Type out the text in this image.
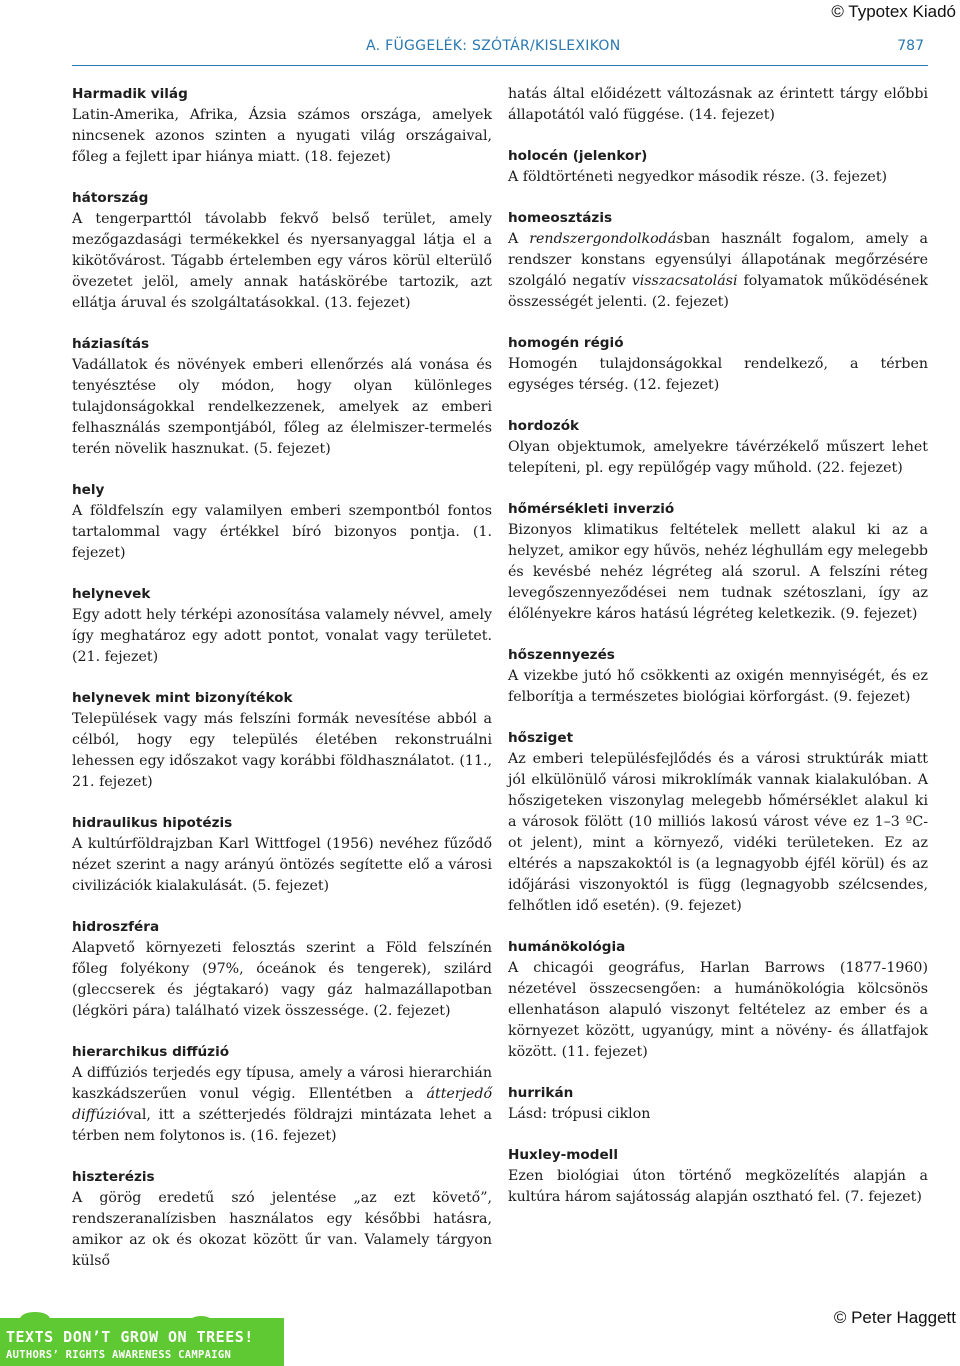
© Typotex Kiadó
A. FÜGGELÉK: SZÓTÁR/KISLEXIKON	787
Harmadik világ
Latin-Amerika, Afrika, Ázsia számos országa, amelyek nincsenek azonos szinten a nyugati világ országaival, főleg a fejlett ipar hiánya miatt. (18. fejezet)
hátország
A tengerparttól távolabb fekvő belső terület, amely mezőgazdasági termékekkel és nyersanyaggal látja el a kikötővárost. Tágabb értelemben egy város körül elterülő övezetet jelöl, amely annak hatáskörébe tartozik, azt ellátja áruval és szolgáltatásokkal. (13. fejezet)
háziasítás
Vadállatok és növények emberi ellenőrzés alá vonása és tenyésztése oly módon, hogy olyan különleges tulajdonságokkal rendelkezzenek, amelyek az emberi felhasználás szempontjából, főleg az élelmiszer-termelés terén növelik hasznukat. (5. fejezet)
hely
A földfelszín egy valamilyen emberi szempontból fontos tartalommal vagy értékkel bíró bizonyos pontja. (1. fejezet)
helynevek
Egy adott hely térképi azonosítása valamely névvel, amely így meghatároz egy adott pontot, vonalat vagy területet. (21. fejezet)
helynevek mint bizonyítékok
Települések vagy más felszíni formák nevesítése abból a célból, hogy egy település életében rekonstruálni lehessen egy időszakot vagy korábbi földhasználatot. (11., 21. fejezet)
hidraulikus hipotézis
A kultúrföldrajzban Karl Wittfogel (1956) nevéhez fűződő nézet szerint a nagy arányú öntözés segítette elő a városi civilizációk kialakulását. (5. fejezet)
hidroszféra
Alapvető környezeti felosztás szerint a Föld felszínén főleg folyékony (97%, óceánok és tengerek), szilárd (gleccserek és jégtakaró) vagy gáz halmazállapotban (légköri pára) található vizek összessége. (2. fejezet)
hierarchikus diffúzió
A diffúziós terjedés egy típusa, amely a városi hierarchián kaszkádszerűen vonul végig. Ellentétben a átterjedő diffúzióval, itt a szétterjedés földrajzi mintázata lehet a térben nem folytonos is. (16. fejezet)
hiszterézis
A görög eredetű szó jelentése „az ezt követő”, rendszeranalízisben használatos egy későbbi hatásra, amikor az ok és okozat között űr van. Valamely tárgyon külső
hatás által előidézett változásnak az érintett tárgy előbbi állapotától való függése. (14. fejezet)
holocén (jelenkor)
A földtörténeti negyedkor második része. (3. fejezet)
homeosztázis
A rendszergondolkodásban használt fogalom, amely a rendszer konstans egyensúlyi állapotának megőrzésére szolgáló negatív visszacsatolási folyamatok működésének összességét jelenti. (2. fejezet)
homogén régió
Homogén tulajdonságokkal rendelkező, a térben egységes térség. (12. fejezet)
hordozók
Olyan objektumok, amelyekre távérzékelő műszert lehet telepíteni, pl. egy repülőgép vagy műhold. (22. fejezet)
hőmérsékleti inverzió
Bizonyos klimatikus feltételek mellett alakul ki az a helyzet, amikor egy hűvös, nehéz léghullám egy melegebb és kevésbé nehéz légréteg alá szorul. A felszíni réteg levegőszennyeződései nem tudnak szétoszlani, így az élőlényekre káros hatású légréteg keletkezik. (9. fejezet)
hőszennyezés
A vizekbe jutó hő csökkenti az oxigén mennyiségét, és ez felborítja a természetes biológiai körforgást. (9. fejezet)
hősziget
Az emberi településfejlődés és a városi struktúrák miatt jól elkülönülő városi mikroklímák vannak kialakulóban. A hőszigeteken viszonylag melegebb hőmérséklet alakul ki a városok fölött (10 milliós lakosú várost véve ez 1–3 ºC-ot jelent), mint a környező, vidéki területeken. Ez az eltérés a napszakoktól is (a legnagyobb éjfél körül) és az időjárási viszonyoktól is függ (legnagyobb szélcsendes, felhőtlen idő esetén). (9. fejezet)
humánökológia
A chicagói geográfus, Harlan Barrows (1877-1960) nézetével összecsengően: a humánökológia kölcsönös ellenhatáson alapuló viszonyt feltételez az ember és a környezet között, ugyanúgy, mint a növény- és állatfajok között. (11. fejezet)
hurrikán
Lásd: trópusi ciklon
Huxley-modell
Ezen biológiai úton történő megközelítés alapján a kultúra három sajátosság alapján osztható fel. (7. fejezet)
TEXTS DON’T GROW ON TREES!
AUTHORS’ RIGHTS AWARENESS CAMPAIGN
© Peter Haggett
